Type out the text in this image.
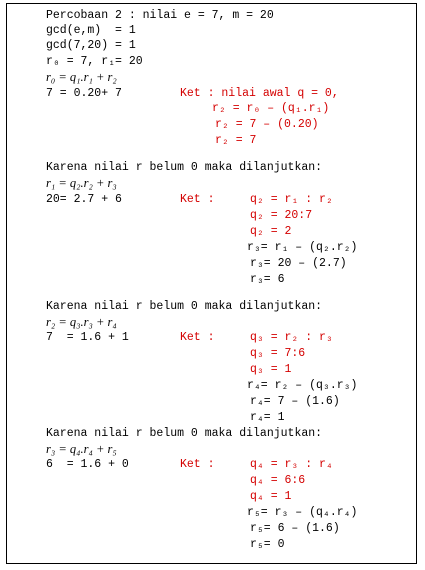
Percobaan 2 : nilai e = 7, m = 20
gcd(e,m)  = 1
gcd(7,20) = 1
r₀ = 7, r₁= 20
r₀ = q₁.r₁ + r₂
7 = 0.20+ 7	Ket : nilai awal q = 0,
r₂ = r₀ – (q₁.r₁)
r₂ = 7 – (0.20)
r₂ = 7
Karena nilai r belum 0 maka dilanjutkan:
r₁ = q₂.r₂ + r₃
20= 2.7 + 6	Ket :	q₂ = r₁ : r₂
q₂ = 20:7
q₂ = 2
r₃= r₁ – (q₂.r₂)
r₃= 20 – (2.7)
r₃= 6
Karena nilai r belum 0 maka dilanjutkan:
r₂ = q₃.r₃ + r₄
7  = 1.6 + 1	Ket :	q₃ = r₂ : r₃
q₃ = 7:6
q₃ = 1
r₄= r₂ – (q₃.r₃)
r₄= 7 – (1.6)
r₄= 1
Karena nilai r belum 0 maka dilanjutkan:
r₃ = q₄.r₄ + r₅
6  = 1.6 + 0	Ket :	q₄ = r₃ : r₄
q₄ = 6:6
q₄ = 1
r₅= r₃ – (q₄.r₄)
r₅= 6 – (1.6)
r₅= 0
